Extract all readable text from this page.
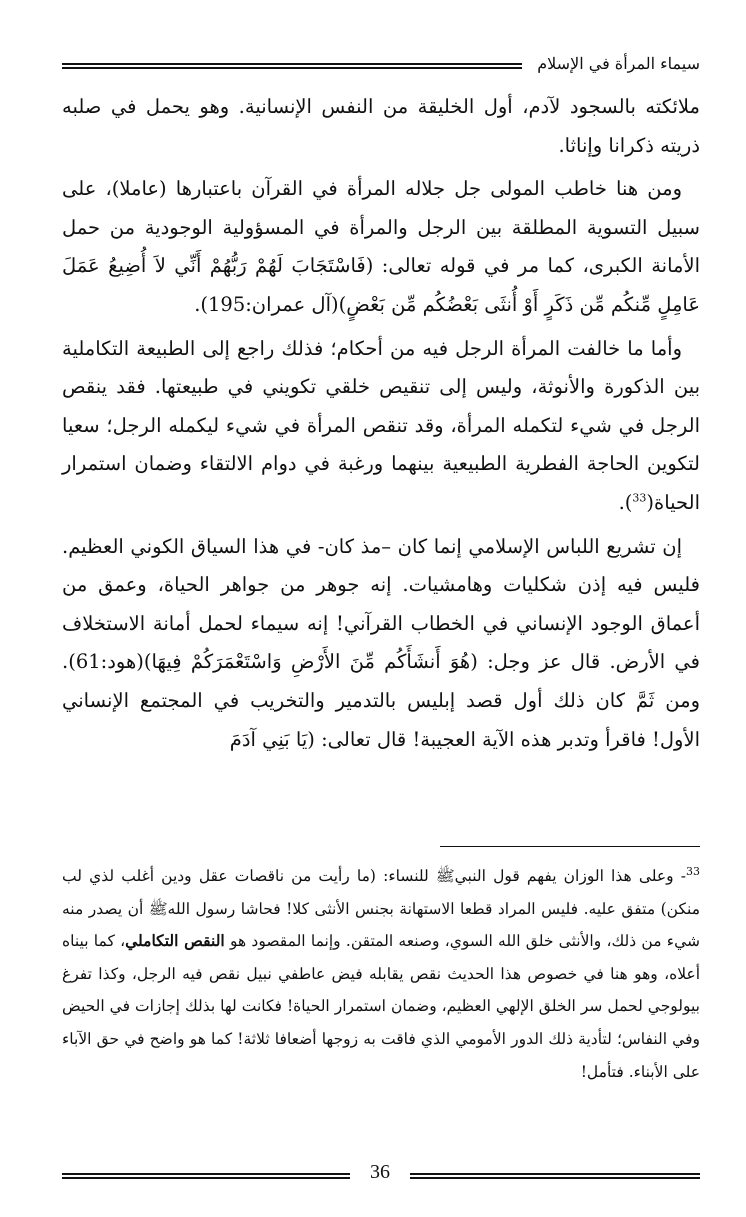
سيماء المرأة في الإسلام

ملائكته بالسجود لآدم، أول الخليقة من النفس الإنسانية. وهو يحمل في صلبه ذريته ذكرانا وإناثا.

ومن هنا خاطب المولى جل جلاله المرأة في القرآن باعتبارها (عاملا)، على سبيل التسوية المطلقة بين الرجل والمرأة في المسؤولية الوجودية من حمل الأمانة الكبرى، كما مر في قوله تعالى: (فَاسْتَجَابَ لَهُمْ رَبُّهُمْ أَنِّي لاَ أُضِيعُ عَمَلَ عَامِلٍ مِّنكُم مِّن ذَكَرٍ أَوْ أُنثَى بَعْضُكُم مِّن بَعْضٍ)(آل عمران:195).

وأما ما خالفت المرأة الرجل فيه من أحكام؛ فذلك راجع إلى الطبيعة التكاملية بين الذكورة والأنوثة، وليس إلى تنقيص خلقي تكويني في طبيعتها. فقد ينقص الرجل في شيء لتكمله المرأة، وقد تنقص المرأة في شيء ليكمله الرجل؛ سعيا لتكوين الحاجة الفطرية الطبيعية بينهما ورغبة في دوام الالتقاء وضمان استمرار الحياة($^{33}$).

إن تشريع اللباس الإسلامي إنما كان –مذ كان- في هذا السياق الكوني العظيم. فليس فيه إذن شكليات وهامشيات. إنه جوهر من جواهر الحياة، وعمق من أعماق الوجود الإنساني في الخطاب القرآني! إنه سيماء لحمل أمانة الاستخلاف في الأرض. قال عز وجل: (هُوَ أَنشَأَكُم مِّنَ الأَرْضِ وَاسْتَعْمَرَكُمْ فِيهَا)(هود:61). ومن ثَمَّ كان ذلك أول قصد إبليس بالتدمير والتخريب في المجتمع الإنساني الأول! فاقرأ وتدبر هذه الآية العجيبة! قال تعالى: (يَا بَنِي آدَمَ

$^{33}$- وعلى هذا الوزان يفهم قول النبيﷺ للنساء: (ما رأيت من ناقصات عقل ودين أغلب لذي لب منكن) متفق عليه. فليس المراد قطعا الاستهانة بجنس الأنثى كلا! فحاشا رسول اللهﷺ أن يصدر منه شيء من ذلك، والأنثى خلق الله السوي، وصنعه المتقن. وإنما المقصود هو النقص التكاملي، كما بيناه أعلاه، وهو هنا في خصوص هذا الحديث نقص يقابله فيض عاطفي نبيل نقص فيه الرجل، وكذا تفرغ بيولوجي لحمل سر الخلق الإلهي العظيم، وضمان استمرار الحياة! فكانت لها بذلك إجازات في الحيض وفي النفاس؛ لتأدية ذلك الدور الأمومي الذي فاقت به زوجها أضعافا ثلاثة! كما هو واضح في حق الآباء على الأبناء. فتأمل!

36
